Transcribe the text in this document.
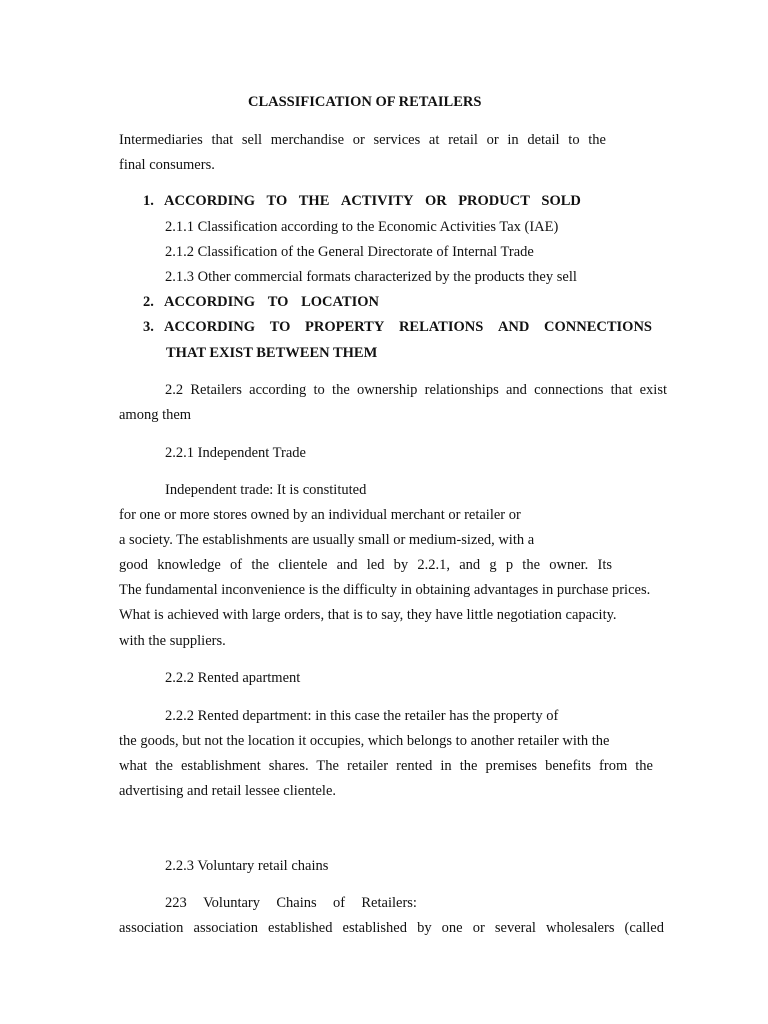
CLASSIFICATION OF RETAILERS
Intermediaries that sell merchandise or services at retail or in detail to the
final consumers.
1. ACCORDING TO THE ACTIVITY OR PRODUCT SOLD
2.1.1 Classification according to the Economic Activities Tax (IAE)
2.1.2 Classification of the General Directorate of Internal Trade
2.1.3 Other commercial formats characterized by the products they sell
2. ACCORDING TO LOCATION
3. ACCORDING TO PROPERTY RELATIONS AND CONNECTIONS
THAT EXIST BETWEEN THEM
2.2 Retailers according to the ownership relationships and connections that exist
among them
2.2.1 Independent Trade
Independent trade: It is constituted
for one or more stores owned by an individual merchant or retailer or
a society. The establishments are usually small or medium-sized, with a
good knowledge of the clientele and led by 2.2.1, and g p the owner. Its
The fundamental inconvenience is the difficulty in obtaining advantages in purchase prices.
What is achieved with large orders, that is to say, they have little negotiation capacity.
with the suppliers.
2.2.2 Rented apartment
2.2.2 Rented department: in this case the retailer has the property of
the goods, but not the location it occupies, which belongs to another retailer with the
what the establishment shares. The retailer rented in the premises benefits from the
advertising and retail lessee clientele.
2.2.3 Voluntary retail chains
223 Voluntary Chains of Retailers:
association association established established by one or several wholesalers (called
